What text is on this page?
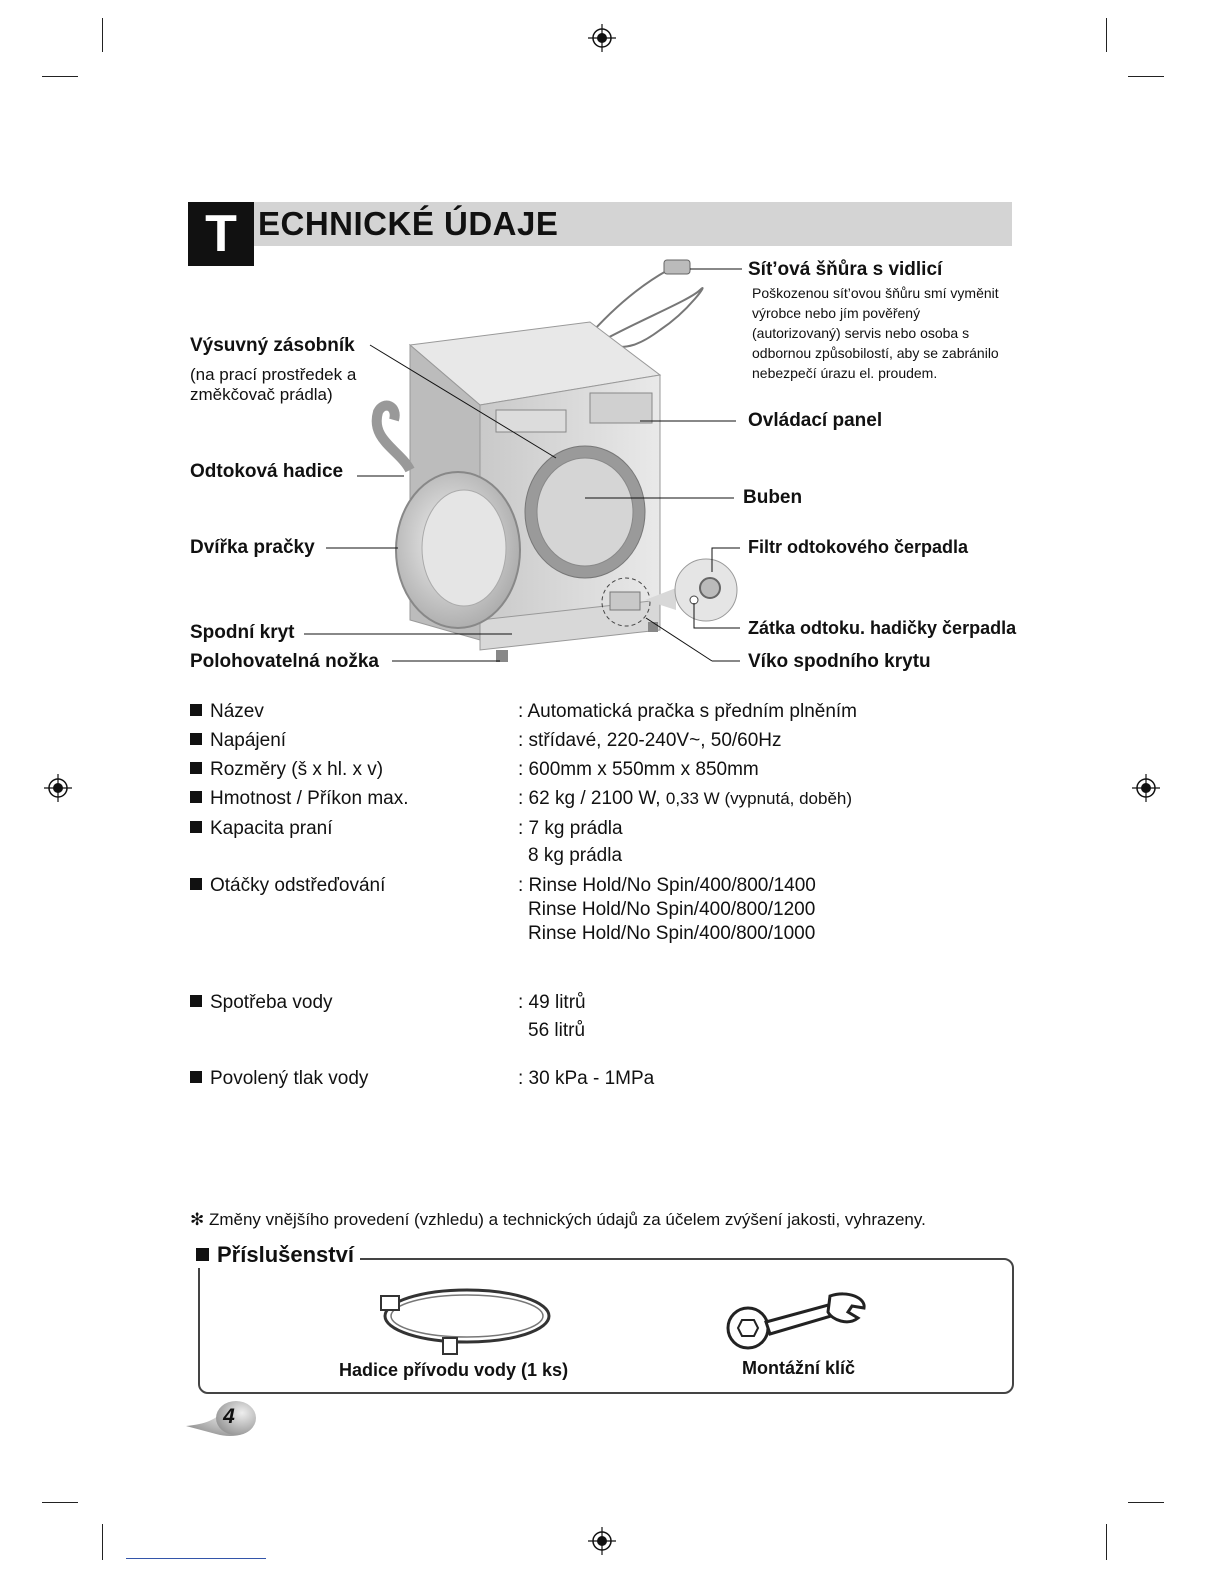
T ECHNICKÉ ÚDAJE
Sít’ová šňůra s vidlicí
Poškozenou sít’ovou šňůru smí vyměnit
výrobce nebo jím pověřený
(autorizovaný) servis nebo osoba s
odbornou způsobilostí, aby se zabránilo
nebezpečí úrazu el. proudem.
Výsuvný zásobník
(na prací prostředek a
změkčovač prádla)
Ovládací panel
Odtoková hadice
Buben
Dvířka pračky	Filtr odtokového čerpadla
Spodní kryt	Zátka odtoku. hadičky čerpadla
Polohovatelná nožka	Víko spodního krytu
Název	: Automatická pračka s předním plněním
Napájení	: střídavé, 220-240V~, 50/60Hz
Rozměry (š x hl. x v)	: 600mm x 550mm x 850mm
Hmotnost / Příkon max.	: 62 kg / 2100 W, 0,33 W (vypnutá, doběh)
Kapacita praní	: 7 kg prádla
8 kg prádla
Otáčky odstřeďování	: Rinse Hold/No Spin/400/800/1400
Rinse Hold/No Spin/400/800/1200
Rinse Hold/No Spin/400/800/1000
Spotřeba vody	: 49 litrů
56 litrů
Povolený tlak vody	: 30 kPa - 1MPa
✻ Změny vnějšího provedení (vzhledu) a technických údajů za účelem zvýšení jakosti, vyhrazeny.
Příslušenství
Hadice přívodu vody (1 ks)	Montážní klíč
4
